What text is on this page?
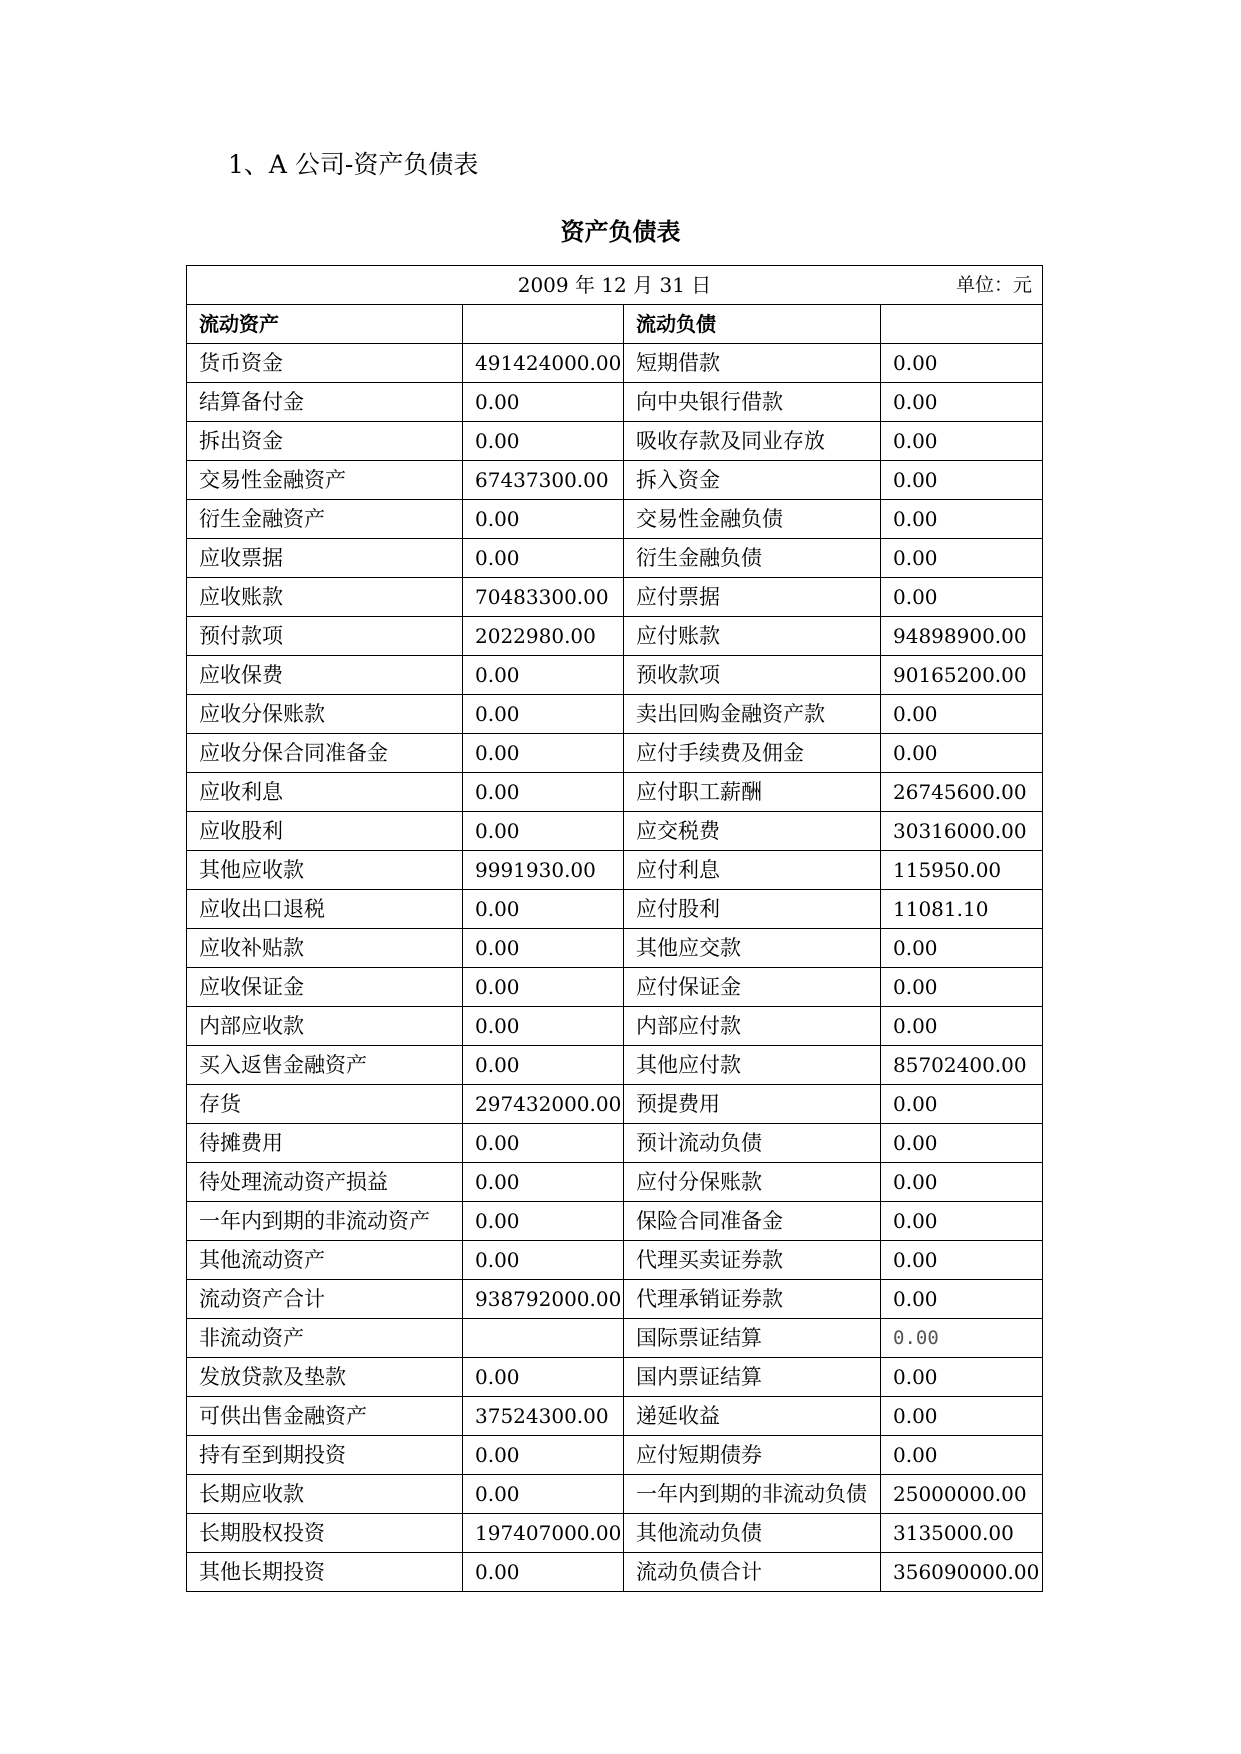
1、A 公司-资产负债表
资产负债表
2009 年 12 月 31 日 单位：元			

流动资产		流动负债	
货币资金	491424000.00	短期借款	0.00
结算备付金	0.00	向中央银行借款	0.00
拆出资金	0.00	吸收存款及同业存放	0.00
交易性金融资产	67437300.00	拆入资金	0.00
衍生金融资产	0.00	交易性金融负债	0.00
应收票据	0.00	衍生金融负债	0.00
应收账款	70483300.00	应付票据	0.00
预付款项	2022980.00	应付账款	94898900.00
应收保费	0.00	预收款项	90165200.00
应收分保账款	0.00	卖出回购金融资产款	0.00
应收分保合同准备金	0.00	应付手续费及佣金	0.00
应收利息	0.00	应付职工薪酬	26745600.00
应收股利	0.00	应交税费	30316000.00
其他应收款	9991930.00	应付利息	115950.00
应收出口退税	0.00	应付股利	11081.10
应收补贴款	0.00	其他应交款	0.00
应收保证金	0.00	应付保证金	0.00
内部应收款	0.00	内部应付款	0.00
买入返售金融资产	0.00	其他应付款	85702400.00
存货	297432000.00	预提费用	0.00
待摊费用	0.00	预计流动负债	0.00
待处理流动资产损益	0.00	应付分保账款	0.00
一年内到期的非流动资产	0.00	保险合同准备金	0.00
其他流动资产	0.00	代理买卖证券款	0.00
流动资产合计	938792000.00	代理承销证券款	0.00
非流动资产		国际票证结算	0.00
发放贷款及垫款	0.00	国内票证结算	0.00
可供出售金融资产	37524300.00	递延收益	0.00
持有至到期投资	0.00	应付短期债券	0.00
长期应收款	0.00	一年内到期的非流动负债	25000000.00
长期股权投资	197407000.00	其他流动负债	3135000.00
其他长期投资	0.00	流动负债合计	356090000.00
